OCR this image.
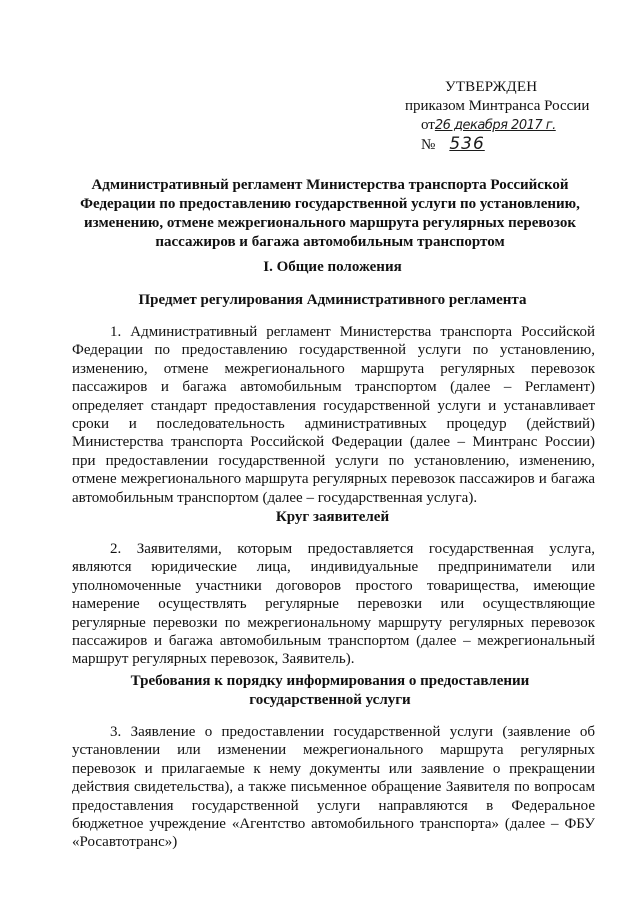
УТВЕРЖДЕН
приказом Минтранса России
от26 декабря 2017 г. № 536
Административный регламент Министерства транспорта Российской Федерации по предоставлению государственной услуги по установлению, изменению, отмене межрегионального маршрута регулярных перевозок пассажиров и багажа автомобильным транспортом
I. Общие положения
Предмет регулирования Административного регламента

1. Административный регламент Министерства транспорта Российской Федерации по предоставлению государственной услуги по установлению, изменению, отмене межрегионального маршрута регулярных перевозок пассажиров и багажа автомобильным транспортом (далее – Регламент) определяет стандарт предоставления государственной услуги и устанавливает сроки и последовательность административных процедур (действий) Министерства транспорта Российской Федерации (далее – Минтранс России) при предоставлении государственной услуги по установлению, изменению, отмене межрегионального маршрута регулярных перевозок пассажиров и багажа автомобильным транспортом (далее – государственная услуга).

Круг заявителей

2. Заявителями, которым предоставляется государственная услуга, являются юридические лица, индивидуальные предприниматели или уполномоченные участники договоров простого товарищества, имеющие намерение осуществлять регулярные перевозки или осуществляющие регулярные перевозки по межрегиональному маршруту регулярных перевозок пассажиров и багажа автомобильным транспортом (далее – межрегиональный маршрут регулярных перевозок, Заявитель).

Требования к порядку информирования о предоставлении государственной услуги

3. Заявление о предоставлении государственной услуги (заявление об установлении или изменении межрегионального маршрута регулярных перевозок и прилагаемые к нему документы или заявление о прекращении действия свидетельства), а также письменное обращение Заявителя по вопросам предоставления государственной услуги направляются в Федеральное бюджетное учреждение «Агентство автомобильного транспорта» (далее – ФБУ «Росавтотранс»)
